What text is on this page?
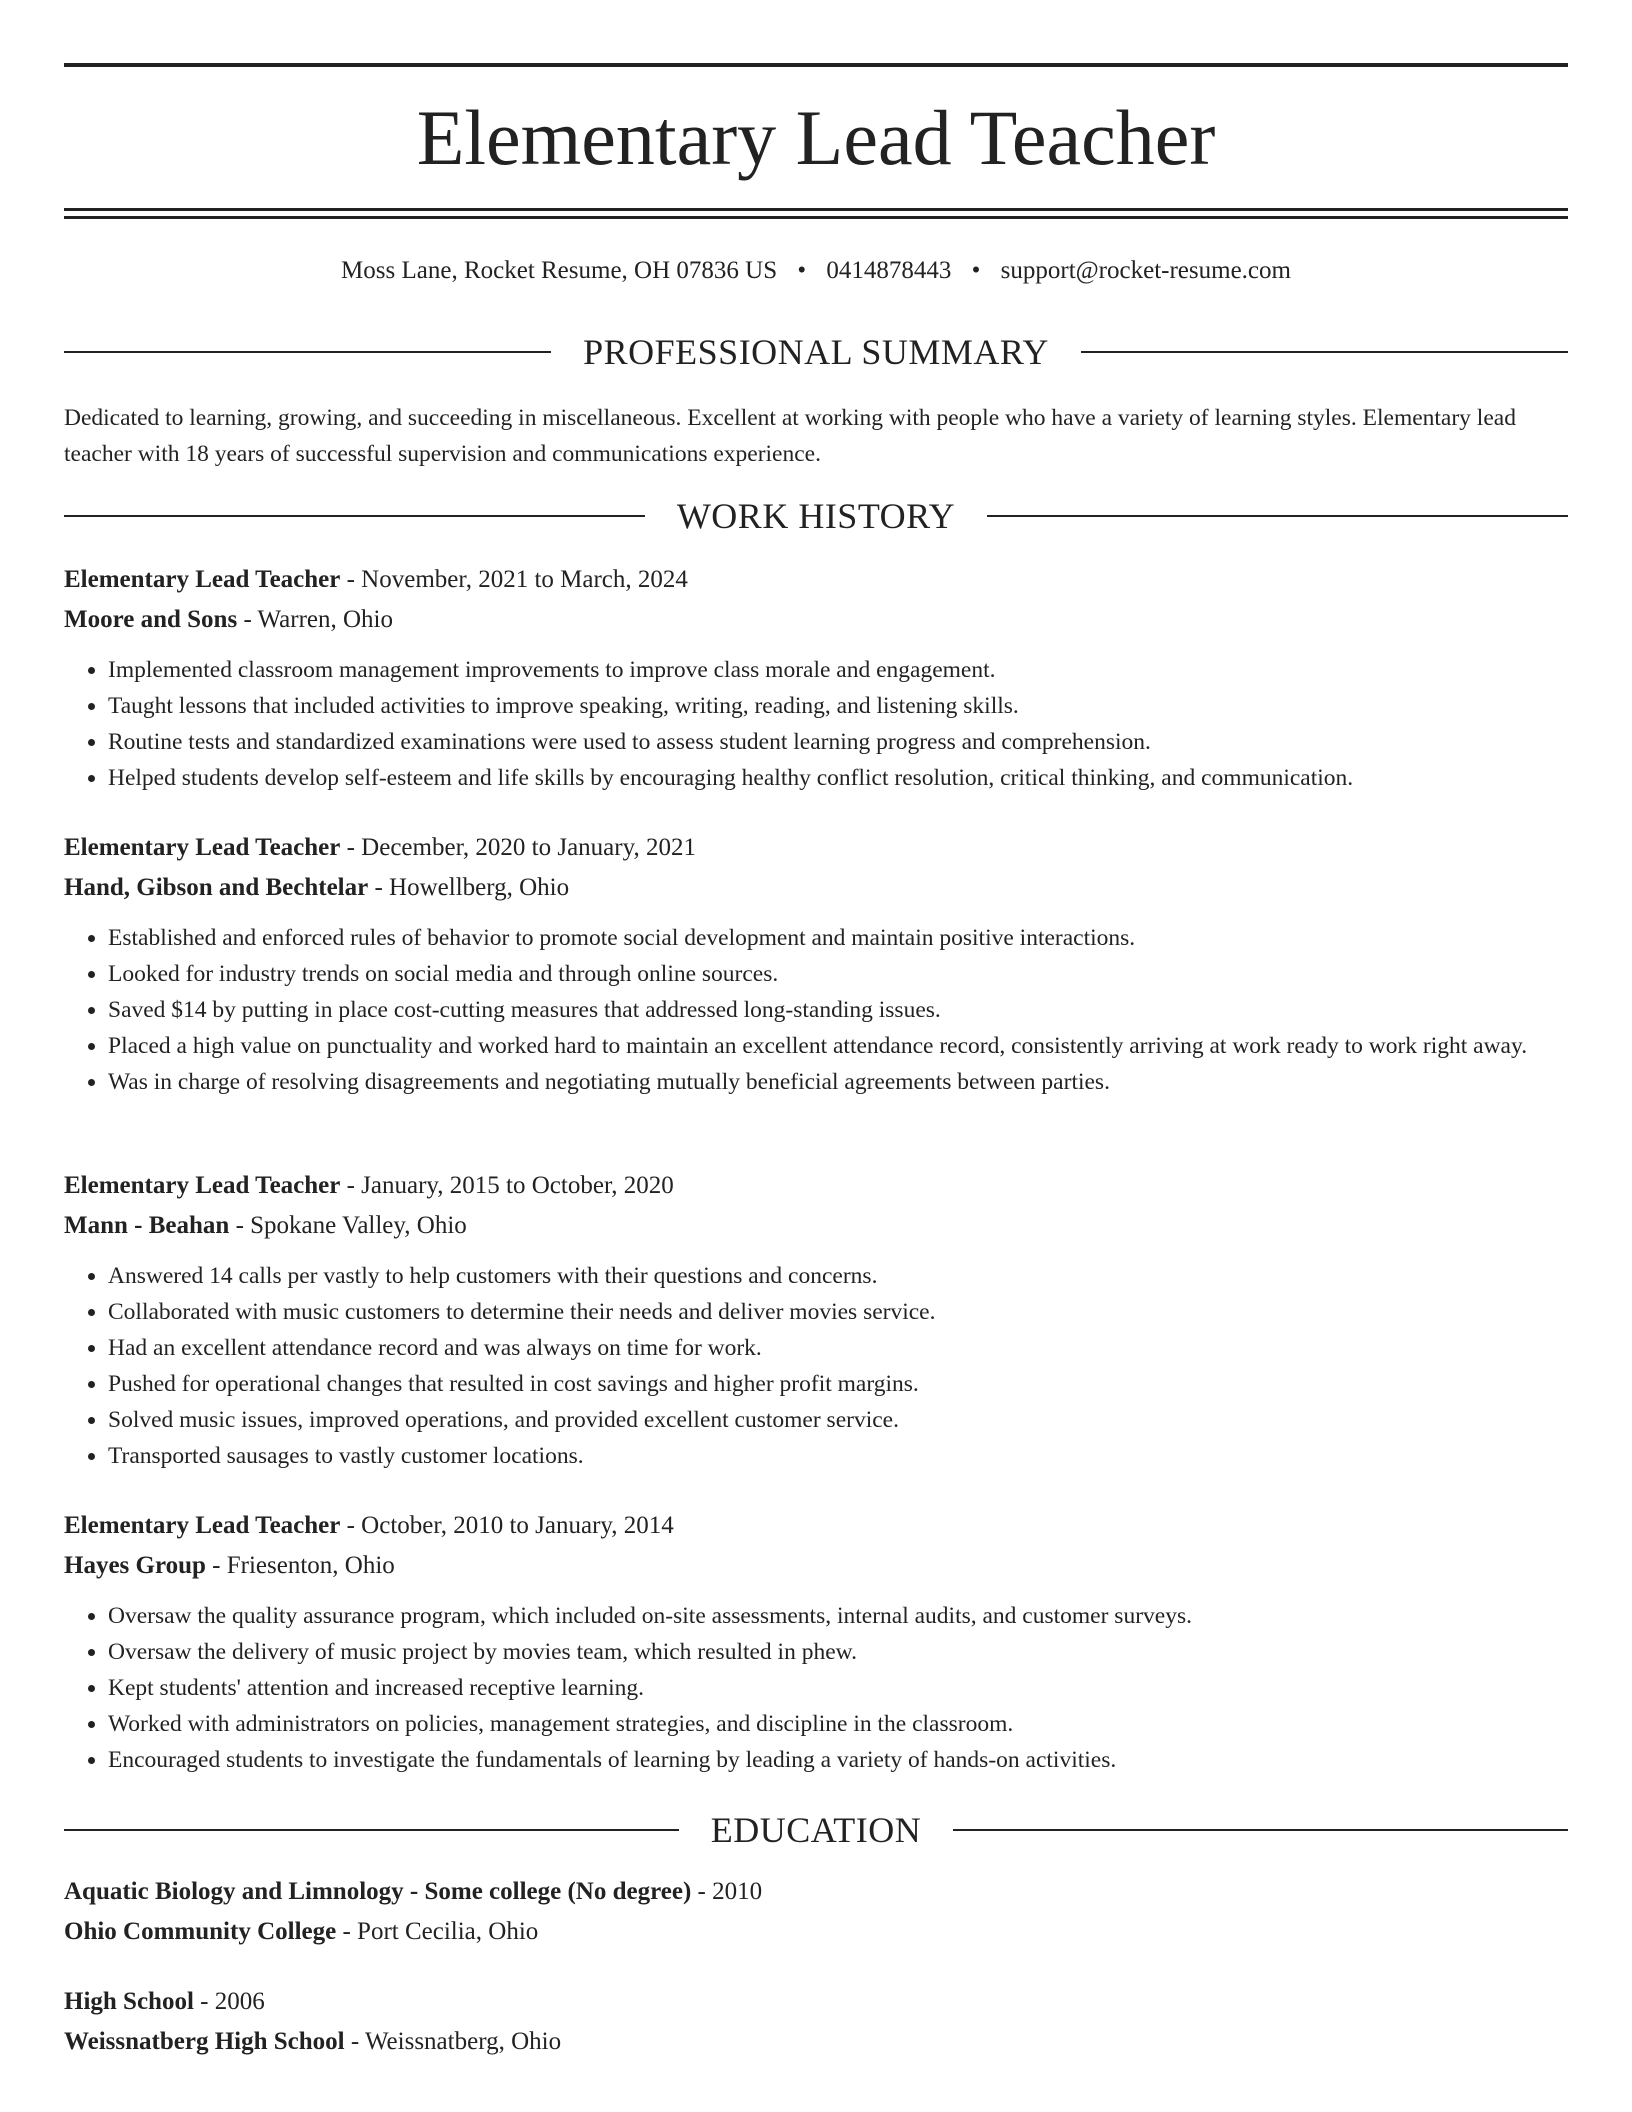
Elementary Lead Teacher
Moss Lane, Rocket Resume, OH 07836 US • 0414878443 • support@rocket-resume.com
PROFESSIONAL SUMMARY

Dedicated to learning, growing, and succeeding in miscellaneous. Excellent at working with people who have a variety of learning styles. Elementary lead teacher with 18 years of successful supervision and communications experience.

WORK HISTORY

Elementary Lead Teacher - November, 2021 to March, 2024

Moore and Sons - Warren, Ohio

• Implemented classroom management improvements to improve class morale and engagement.
• Taught lessons that included activities to improve speaking, writing, reading, and listening skills.
• Routine tests and standardized examinations were used to assess student learning progress and comprehension.
• Helped students develop self-esteem and life skills by encouraging healthy conflict resolution, critical thinking, and communication.

Elementary Lead Teacher - December, 2020 to January, 2021

Hand, Gibson and Bechtelar - Howellberg, Ohio

• Established and enforced rules of behavior to promote social development and maintain positive interactions.
• Looked for industry trends on social media and through online sources.
• Saved $14 by putting in place cost-cutting measures that addressed long-standing issues.
• Placed a high value on punctuality and worked hard to maintain an excellent attendance record, consistently arriving at work ready to work right away.
• Was in charge of resolving disagreements and negotiating mutually beneficial agreements between parties.

Elementary Lead Teacher - January, 2015 to October, 2020

Mann - Beahan - Spokane Valley, Ohio

• Answered 14 calls per vastly to help customers with their questions and concerns.
• Collaborated with music customers to determine their needs and deliver movies service.
• Had an excellent attendance record and was always on time for work.
• Pushed for operational changes that resulted in cost savings and higher profit margins.
• Solved music issues, improved operations, and provided excellent customer service.
• Transported sausages to vastly customer locations.

Elementary Lead Teacher - October, 2010 to January, 2014

Hayes Group - Friesenton, Ohio

• Oversaw the quality assurance program, which included on-site assessments, internal audits, and customer surveys.
• Oversaw the delivery of music project by movies team, which resulted in phew.
• Kept students' attention and increased receptive learning.
• Worked with administrators on policies, management strategies, and discipline in the classroom.
• Encouraged students to investigate the fundamentals of learning by leading a variety of hands-on activities.
EDUCATION

Aquatic Biology and Limnology - Some college (No degree) - 2010

Ohio Community College - Port Cecilia, Ohio

High School - 2006

Weissnatberg High School - Weissnatberg, Ohio
